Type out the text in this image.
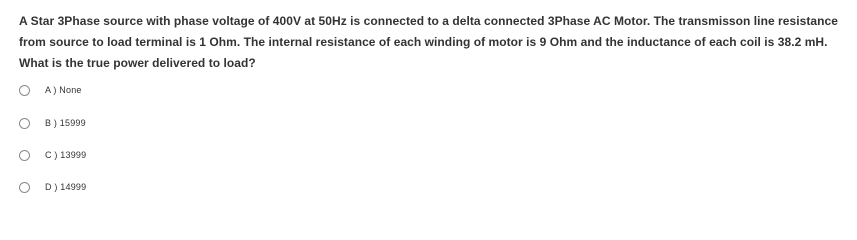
A Star 3Phase source with phase voltage of 400V at 50Hz is connected to a delta connected 3Phase AC Motor. The transmisson line resistance
from source to load terminal is 1 Ohm. The internal resistance of each winding of motor is 9 Ohm and the inductance of each coil is 38.2 mH.
What is the true power delivered to load?
A ) None
B ) 15999
C ) 13999
D ) 14999
